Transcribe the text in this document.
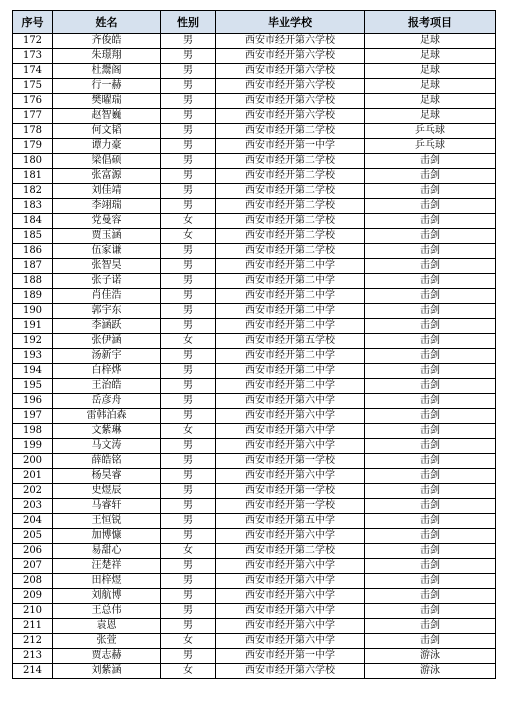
序号	姓名	性别	毕业学校	报考项目
172	齐俊皓	男	西安市经开第六学校	足球
173	朱璟翔	男	西安市经开第六学校	足球
174	杜鬶阁	男	西安市经开第六学校	足球
175	行一赫	男	西安市经开第六学校	足球
176	樊曜瑞	男	西安市经开第六学校	足球
177	赵智巍	男	西安市经开第六学校	足球
178	何文韬	男	西安市经开第二学校	乒乓球
179	谭力豪	男	西安市经开第一中学	乒乓球
180	梁倡硕	男	西安市经开第二学校	击剑
181	张富源	男	西安市经开第二学校	击剑
182	刘佳靖	男	西安市经开第二学校	击剑
183	李翊瑞	男	西安市经开第二学校	击剑
184	党曼容	女	西安市经开第二学校	击剑
185	贾玉涵	女	西安市经开第二学校	击剑
186	伍家谦	男	西安市经开第二学校	击剑
187	张智昊	男	西安市经开第二中学	击剑
188	张子诺	男	西安市经开第二中学	击剑
189	肖佳浩	男	西安市经开第二中学	击剑
190	郭宇东	男	西安市经开第二中学	击剑
191	李涵跃	男	西安市经开第二中学	击剑
192	张伊涵	女	西安市经开第五学校	击剑
193	汤新宇	男	西安市经开第二中学	击剑
194	白梓烨	男	西安市经开第二中学	击剑
195	王治皓	男	西安市经开第二中学	击剑
196	岳彦舟	男	西安市经开第六中学	击剑
197	雷韩泊森	男	西安市经开第六中学	击剑
198	文紫琳	女	西安市经开第六中学	击剑
199	马文涛	男	西安市经开第六中学	击剑
200	薛皓铭	男	西安市经开第一学校	击剑
201	杨昊睿	男	西安市经开第六中学	击剑
202	史煜辰	男	西安市经开第一学校	击剑
203	马睿轩	男	西安市经开第一学校	击剑
204	王恒锐	男	西安市经开第五中学	击剑
205	加博慷	男	西安市经开第六中学	击剑
206	易甜心	女	西安市经开第二学校	击剑
207	汪楚祥	男	西安市经开第六中学	击剑
208	田梓煜	男	西安市经开第六中学	击剑
209	刘航博	男	西安市经开第六中学	击剑
210	王总伟	男	西安市经开第六中学	击剑
211	袁恩	男	西安市经开第六中学	击剑
212	张萱	女	西安市经开第六中学	击剑
213	贾志赫	男	西安市经开第一中学	游泳
214	刘紫涵	女	西安市经开第六学校	游泳
